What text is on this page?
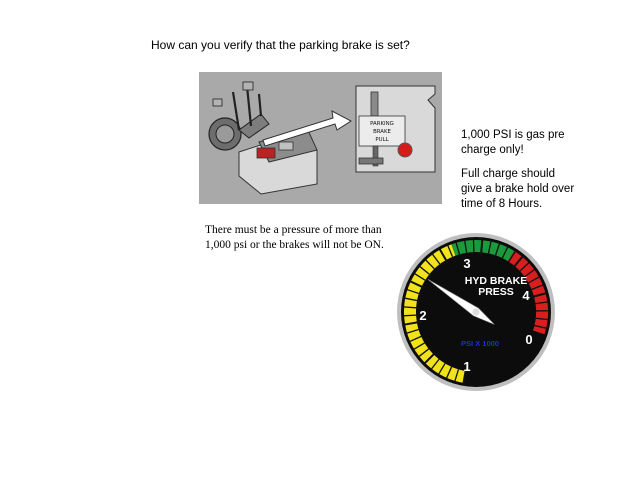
How can you verify that the parking brake is set?
PARKING
BRAKE
PULL	1,000 PSI is gas pre
charge only!

Full charge should
give a brake hold over
time of 8 Hours.

There must be a pressure of more than
1,000 psi or the brakes will not be ON.

HYD BRAKE
PRESS
PSI X 1000
3
4
0
1
2
